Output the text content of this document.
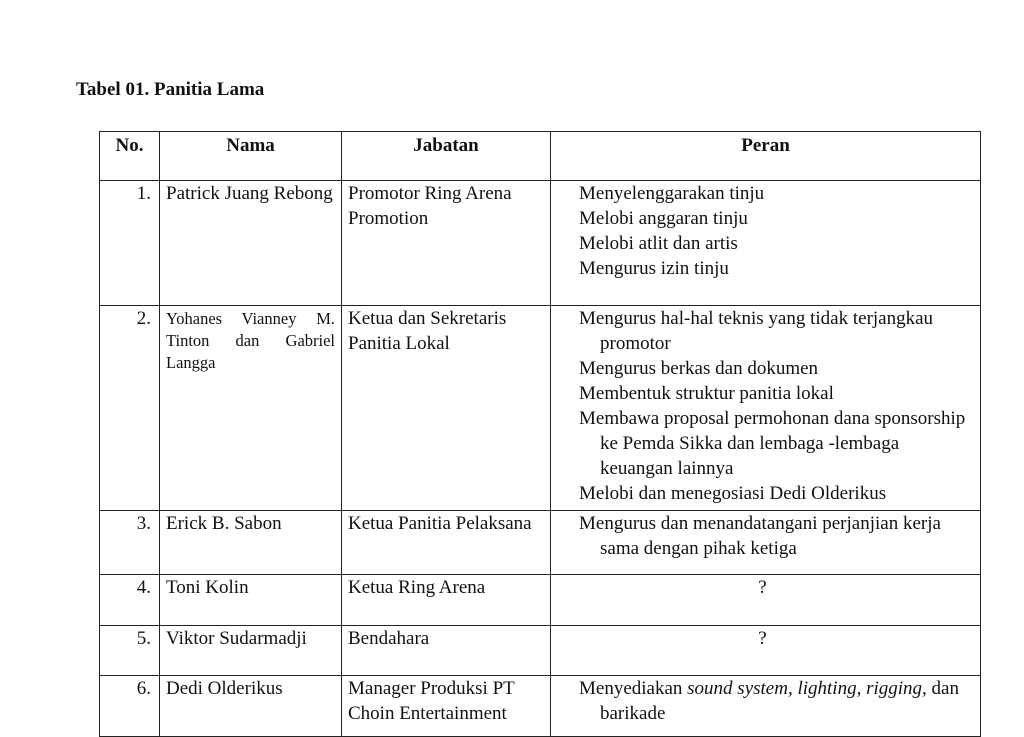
Tabel 01. Panitia Lama

No.	Nama	Jabatan	Peran
1.	Patrick Juang Rebong	Promotor Ring Arena Promotion	Menyelenggarakan tinju
Melobi anggaran tinju
Melobi atlit dan artis
Mengurus izin tinju

2.	Yohanes Vianney M. Tinton dan Gabriel Langga	Ketua dan Sekretaris Panitia Lokal	Mengurus hal-hal teknis yang tidak terjangkau promotor
Mengurus berkas dan dokumen
Membentuk struktur panitia lokal
Membawa proposal permohonan dana sponsorship ke Pemda Sikka dan lembaga -lembaga keuangan lainnya
Melobi dan menegosiasi Dedi Olderikus

3.	Erick B. Sabon	Ketua Panitia Pelaksana	Mengurus dan menandatangani perjanjian kerja sama dengan pihak ketiga

4.	Toni Kolin	Ketua Ring Arena	?
5.	Viktor Sudarmadji	Bendahara	?
6.	Dedi Olderikus	Manager Produksi PT Choin Entertainment	Menyediakan sound system, lighting, rigging, dan barikade
